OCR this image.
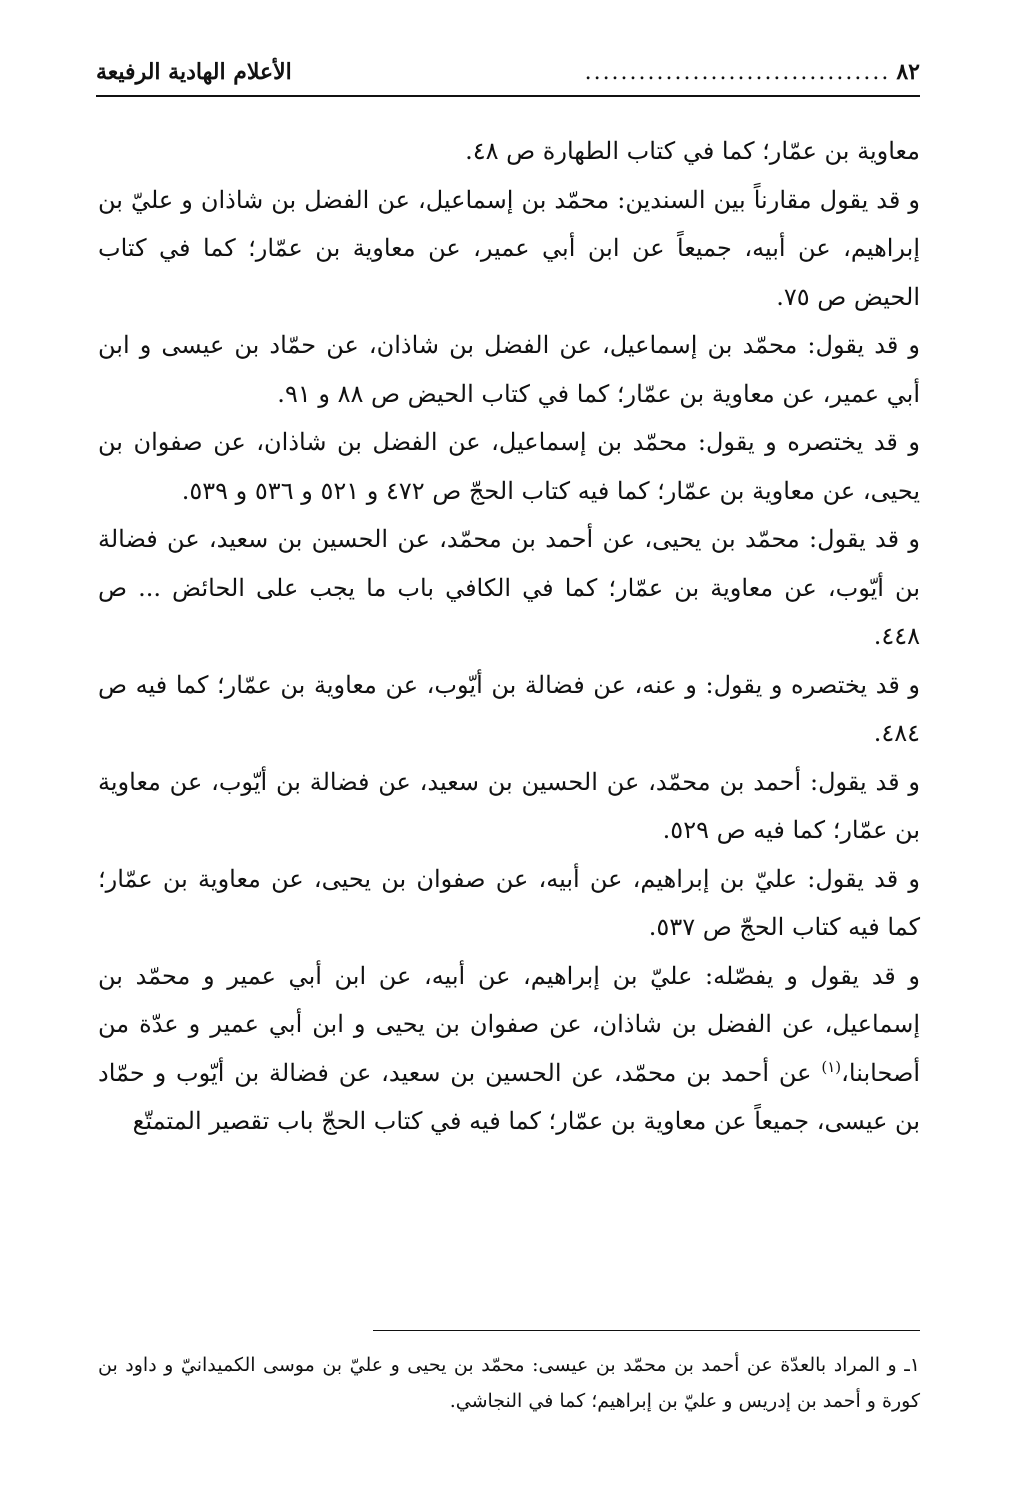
٨٢
..................................
الأعلام الهادية الرفيعة

معاوية بن عمّار؛ كما في كتاب الطهارة ص ٤٨.

و قد يقول مقارناً بين السندين: محمّد بن إسماعيل، عن الفضل بن شاذان و عليّ بن إبراهيم، عن أبيه، جميعاً عن ابن أبي عمير، عن معاوية بن عمّار؛ كما في كتاب الحيض ص ٧٥.

و قد يقول: محمّد بن إسماعيل، عن الفضل بن شاذان، عن حمّاد بن عيسى و ابن أبي عمير، عن معاوية بن عمّار؛ كما في كتاب الحيض ص ٨٨ و ٩١.

و قد يختصره و يقول: محمّد بن إسماعيل، عن الفضل بن شاذان، عن صفوان بن يحيى، عن معاوية بن عمّار؛ كما فيه كتاب الحجّ ص ٤٧٢ و ٥٢١ و ٥٣٦ و ٥٣٩.

و قد يقول: محمّد بن يحيى، عن أحمد بن محمّد، عن الحسين بن سعيد، عن فضالة بن أيّوب، عن معاوية بن عمّار؛ كما في الكافي باب ما يجب على الحائض ... ص ٤٤٨.

و قد يختصره و يقول: و عنه، عن فضالة بن أيّوب، عن معاوية بن عمّار؛ كما فيه ص ٤٨٤.

و قد يقول: أحمد بن محمّد، عن الحسين بن سعيد، عن فضالة بن أيّوب، عن معاوية بن عمّار؛ كما فيه ص ٥٢٩.

و قد يقول: عليّ بن إبراهيم، عن أبيه، عن صفوان بن يحيى، عن معاوية بن عمّار؛ كما فيه كتاب الحجّ ص ٥٣٧.

و قد يقول و يفصّله: عليّ بن إبراهيم، عن أبيه، عن ابن أبي عمير و محمّد بن إسماعيل، عن الفضل بن شاذان، عن صفوان بن يحيى و ابن أبي عمير و عدّة من أصحابنا،$^{(١)}$ عن أحمد بن محمّد، عن الحسين بن سعيد، عن فضالة بن أيّوب و حمّاد بن عيسى، جميعاً عن معاوية بن عمّار؛ كما فيه في كتاب الحجّ باب تقصير المتمتّع

١ـ و المراد بالعدّة عن أحمد بن محمّد بن عيسى: محمّد بن يحيى و عليّ بن موسى الكميدانيّ و داود بن كورة و أحمد بن إدريس و عليّ بن إبراهيم؛ كما في النجاشي.
